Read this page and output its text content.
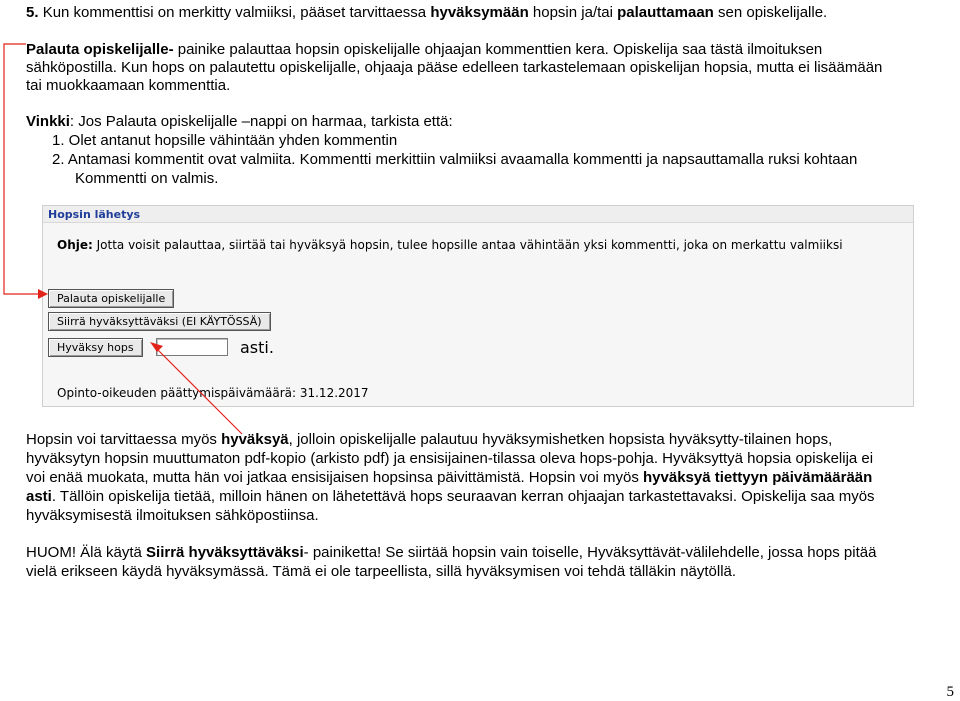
5. Kun kommenttisi on merkitty valmiiksi, pääset tarvittaessa hyväksymään hopsin ja/tai palauttamaan sen opiskelijalle.
Palauta opiskelijalle- painike palauttaa hopsin opiskelijalle ohjaajan kommenttien kera. Opiskelija saa tästä ilmoituksen
sähköpostilla. Kun hops on palautettu opiskelijalle, ohjaaja pääse edelleen tarkastelemaan opiskelijan hopsia, mutta ei lisäämään
tai muokkaamaan kommenttia.
Vinkki: Jos Palauta opiskelijalle –nappi on harmaa, tarkista että:
1. Olet antanut hopsille vähintään yhden kommentin
2. Antamasi kommentit ovat valmiita. Kommentti merkittiin valmiiksi avaamalla kommentti ja napsauttamalla ruksi kohtaan
Kommentti on valmis.
Hopsin lähetys
Ohje: Jotta voisit palauttaa, siirtää tai hyväksyä hopsin, tulee hopsille antaa vähintään yksi kommentti, joka on merkattu valmiiksi
Palauta opiskelijalle
Siirrä hyväksyttäväksi (EI KÄYTÖSSÄ)
Hyväksy hops	asti.
Opinto-oikeuden päättymispäivämäärä: 31.12.2017
Hopsin voi tarvittaessa myös hyväksyä, jolloin opiskelijalle palautuu hyväksymishetken hopsista hyväksytty-tilainen hops,
hyväksytyn hopsin muuttumaton pdf-kopio (arkisto pdf) ja ensisijainen-tilassa oleva hops-pohja. Hyväksyttyä hopsia opiskelija ei
voi enää muokata, mutta hän voi jatkaa ensisijaisen hopsinsa päivittämistä. Hopsin voi myös hyväksyä tiettyyn päivämäärään
asti. Tällöin opiskelija tietää, milloin hänen on lähetettävä hops seuraavan kerran ohjaajan tarkastettavaksi. Opiskelija saa myös
hyväksymisestä ilmoituksen sähköpostiinsa.
HUOM! Älä käytä Siirrä hyväksyttäväksi- painiketta! Se siirtää hopsin vain toiselle, Hyväksyttävät-välilehdelle, jossa hops pitää
vielä erikseen käydä hyväksymässä. Tämä ei ole tarpeellista, sillä hyväksymisen voi tehdä tälläkin näytöllä.
5
